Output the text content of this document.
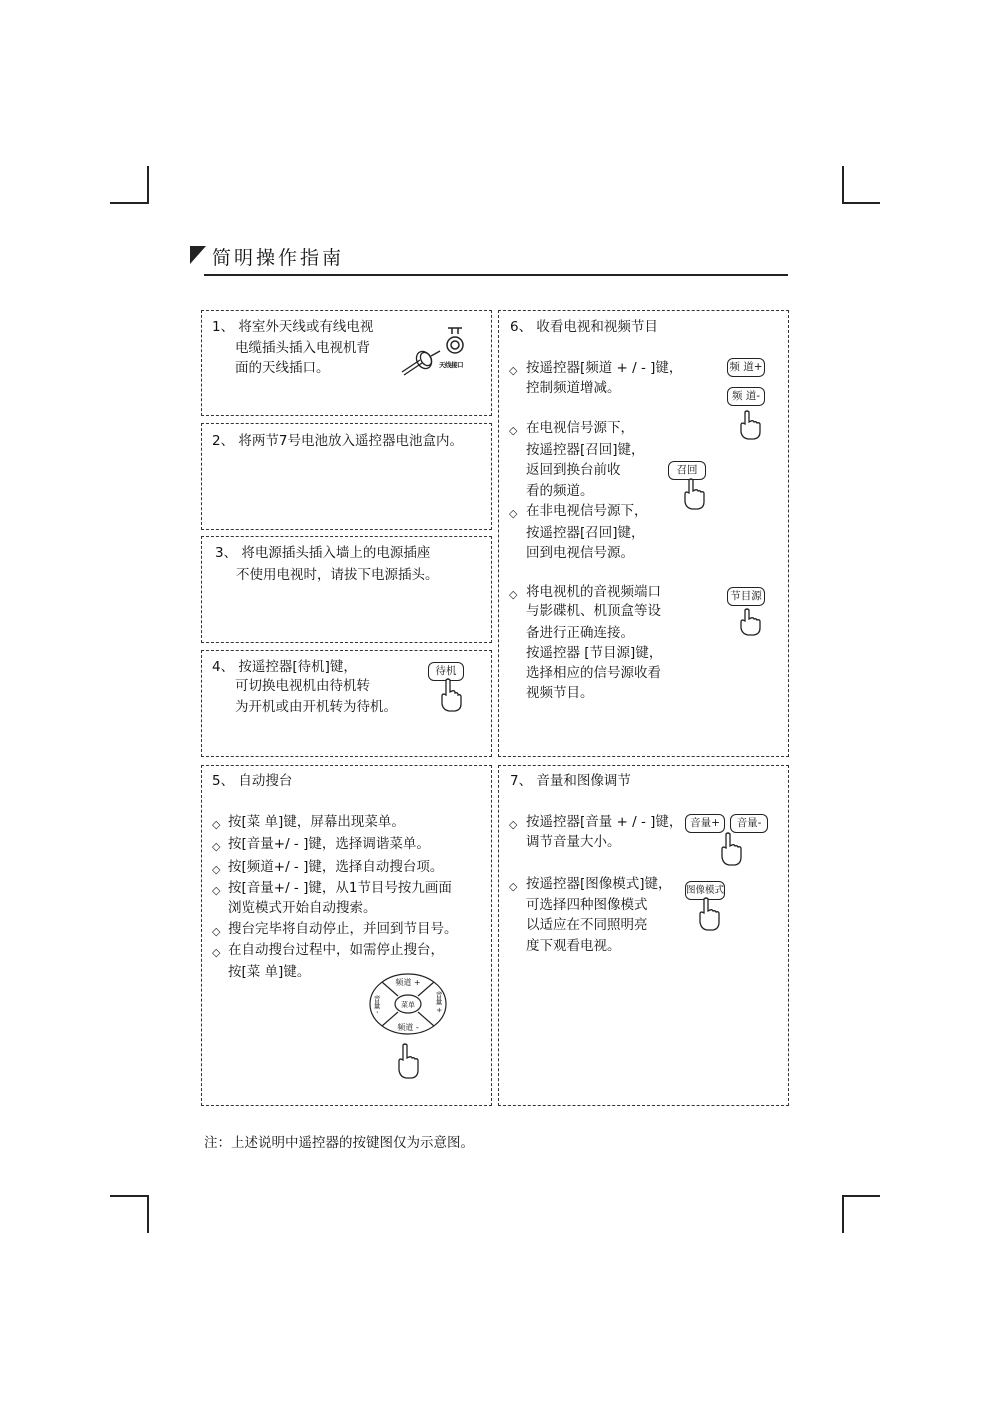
简明操作指南
1、 将室外天线或有线电视
电缆插头插入电视机背
面的天线插口。	天线接口
2、 将两节7号电池放入遥控器电池盒内。
3、 将电源插头插入墙上的电源插座
不使用电视时，请拔下电源插头。
4、 按遥控器[待机]键，
可切换电视机由待机转
为开机或由开机转为待机。
待机
6、 收看电视和视频节目
◇ 按遥控器[频道 + / - ]键，
控制频道增减。
◇ 在电视信号源下，
按遥控器[召回]键，
返回到换台前收
看的频道。
◇ 在非电视信号源下，
按遥控器[召回]键，
回到电视信号源。
◇ 将电视机的音视频端口
与影碟机、机顶盒等设
备进行正确连接。
按遥控器 [节目源]键，
选择相应的信号源收看
视频节目。
频 道+
频 道-
召回
节目源
5、 自动搜台
◇ 按[菜 单]键，屏幕出现菜单。
◇ 按[音量+/ - ]键，选择调谐菜单。
◇ 按[频道+/ - ]键，选择自动搜台项。
◇ 按[音量+/ - ]键，从1节目号按九画面
浏览模式开始自动搜索。
◇ 搜台完毕将自动停止，并回到节目号。
◇ 在自动搜台过程中，如需停止搜台，
按[菜 单]键。
频道 +
频道 -
菜单
音量 -	音量 +
7、 音量和图像调节
◇ 按遥控器[音量 + / - ]键，
调节音量大小。
◇ 按遥控器[图像模式]键，
可选择四种图像模式
以适应在不同照明亮
度下观看电视。
音量+	音量-
图像模式
注：上述说明中遥控器的按键图仅为示意图。
